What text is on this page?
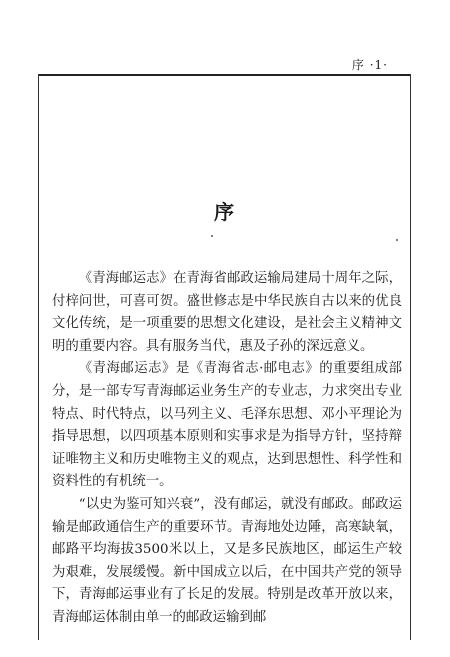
序 ·1·
序

《青海邮运志》在青海省邮政运输局建局十周年之际，付梓问世，可喜可贺。盛世修志是中华民族自古以来的优良文化传统，是一项重要的思想文化建设，是社会主义精神文明的重要内容。具有服务当代，惠及子孙的深远意义。

《青海邮运志》是《青海省志·邮电志》的重要组成部分，是一部专写青海邮运业务生产的专业志，力求突出专业特点、时代特点，以马列主义、毛泽东思想、邓小平理论为指导思想，以四项基本原则和实事求是为指导方针，坚持辩证唯物主义和历史唯物主义的观点，达到思想性、科学性和资料性的有机统一。

“以史为鉴可知兴衰”，没有邮运，就没有邮政。邮政运输是邮政通信生产的重要环节。青海地处边陲，高寒缺氧，邮路平均海拔3500米以上，又是多民族地区，邮运生产较为艰难，发展缓慢。新中国成立以后，在中国共产党的领导下，青海邮运事业有了长足的发展。特别是改革开放以来，青海邮运体制由单一的邮政运输到邮
